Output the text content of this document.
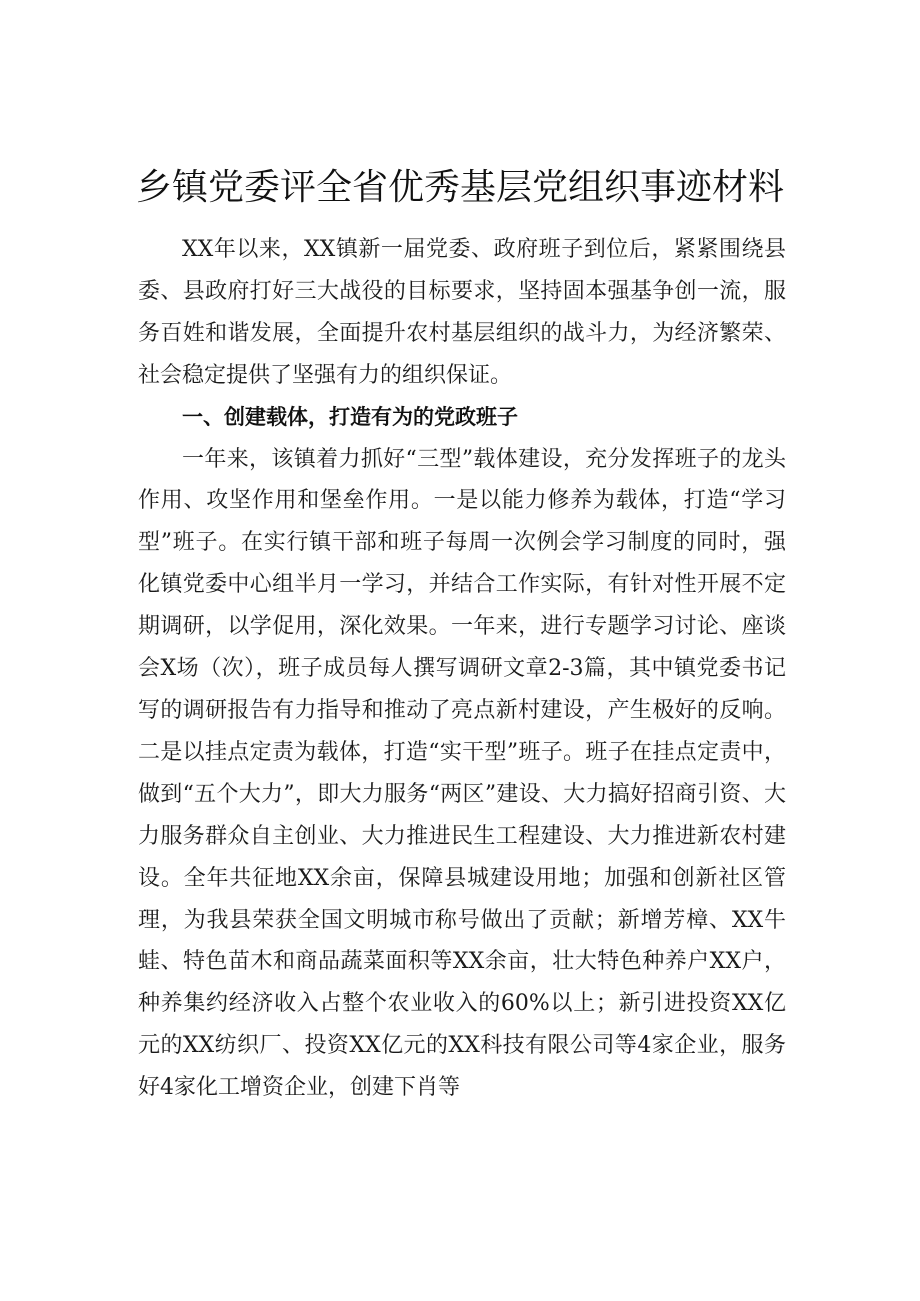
乡镇党委评全省优秀基层党组织事迹材料

XX年以来，XX镇新一届党委、政府班子到位后，紧紧围绕县委、县政府打好三大战役的目标要求，坚持固本强基争创一流，服务百姓和谐发展，全面提升农村基层组织的战斗力，为经济繁荣、社会稳定提供了坚强有力的组织保证。

一、创建载体，打造有为的党政班子

一年来，该镇着力抓好“三型”载体建设，充分发挥班子的龙头作用、攻坚作用和堡垒作用。一是以能力修养为载体，打造“学习型”班子。在实行镇干部和班子每周一次例会学习制度的同时，强化镇党委中心组半月一学习，并结合工作实际，有针对性开展不定期调研，以学促用，深化效果。一年来，进行专题学习讨论、座谈会X场（次），班子成员每人撰写调研文章2-3篇，其中镇党委书记写的调研报告有力指导和推动了亮点新村建设，产生极好的反响。二是以挂点定责为载体，打造“实干型”班子。班子在挂点定责中，做到“五个大力”，即大力服务“两区”建设、大力搞好招商引资、大力服务群众自主创业、大力推进民生工程建设、大力推进新农村建设。全年共征地XX余亩，保障县城建设用地；加强和创新社区管理，为我县荣获全国文明城市称号做出了贡献；新增芳樟、XX牛蛙、特色苗木和商品蔬菜面积等XX余亩，壮大特色种养户XX户，种养集约经济收入占整个农业收入的60%以上；新引进投资XX亿元的XX纺织厂、投资XX亿元的XX科技有限公司等4家企业，服务好4家化工增资企业，创建下肖等
